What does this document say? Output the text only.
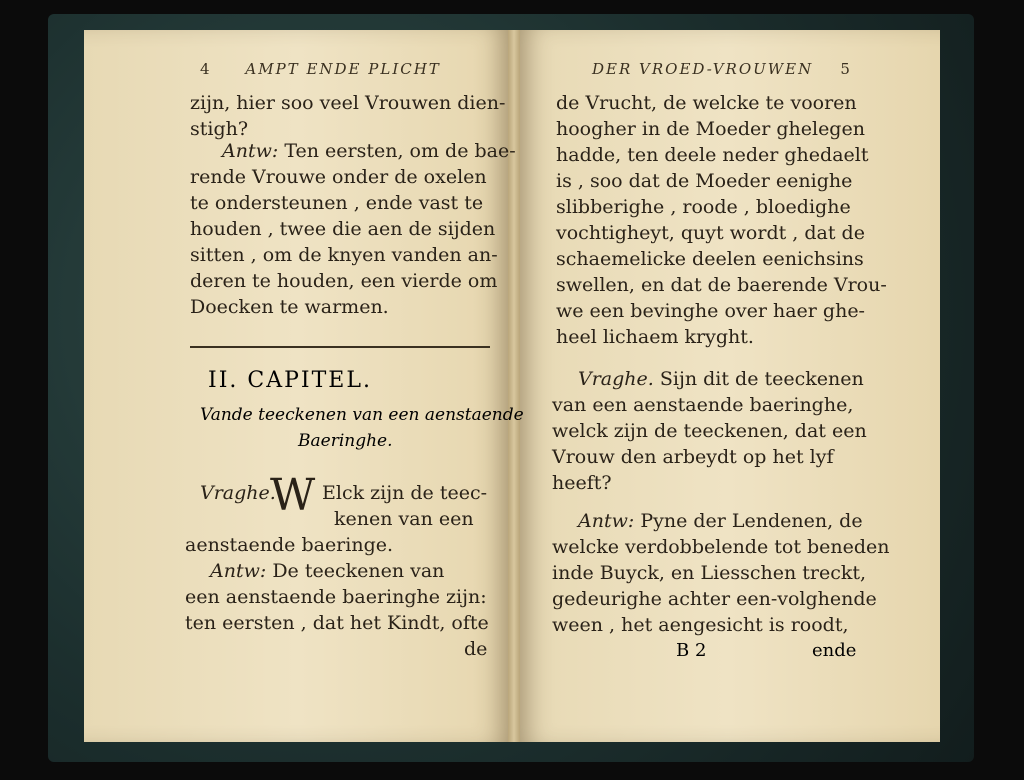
4 AMPT ENDE PLICHT
zijn, hier soo veel Vrouwen dien-
stigh?
Antw: Ten eersten, om de bae-
rende Vrouwe onder de oxelen
te ondersteunen , ende vast te
houden , twee die aen de sijden
sitten , om de knyen vanden an-
deren te houden, een vierde om
Doecken te warmen.
II. CAPITEL.
Vande teeckenen van een aenstaende
Baeringhe.
Vraghe.
W Elck zijn de teec-
kenen van een
aenstaende baeringe.
Antw: De teeckenen van
een aenstaende baeringhe zijn:
ten eersten , dat het Kindt, ofte
de
DER VROED-VROUWEN 5
de Vrucht, de welcke te vooren
hoogher in de Moeder ghelegen
hadde, ten deele neder ghedaelt
is , soo dat de Moeder eenighe
slibberighe , roode , bloedighe
vochtigheyt, quyt wordt , dat de
schaemelicke deelen eenichsins
swellen, en dat de baerende Vrou-
we een bevinghe over haer ghe-
heel lichaem kryght.
Vraghe. Sijn dit de teeckenen
van een aenstaende baeringhe,
welck zijn de teeckenen, dat een
Vrouw den arbeydt op het lyf
heeft?
Antw: Pyne der Lendenen, de
welcke verdobbelende tot beneden
inde Buyck, en Liesschen treckt,
gedeurighe achter een-volghende
ween , het aengesicht is roodt,
B 2	ende
